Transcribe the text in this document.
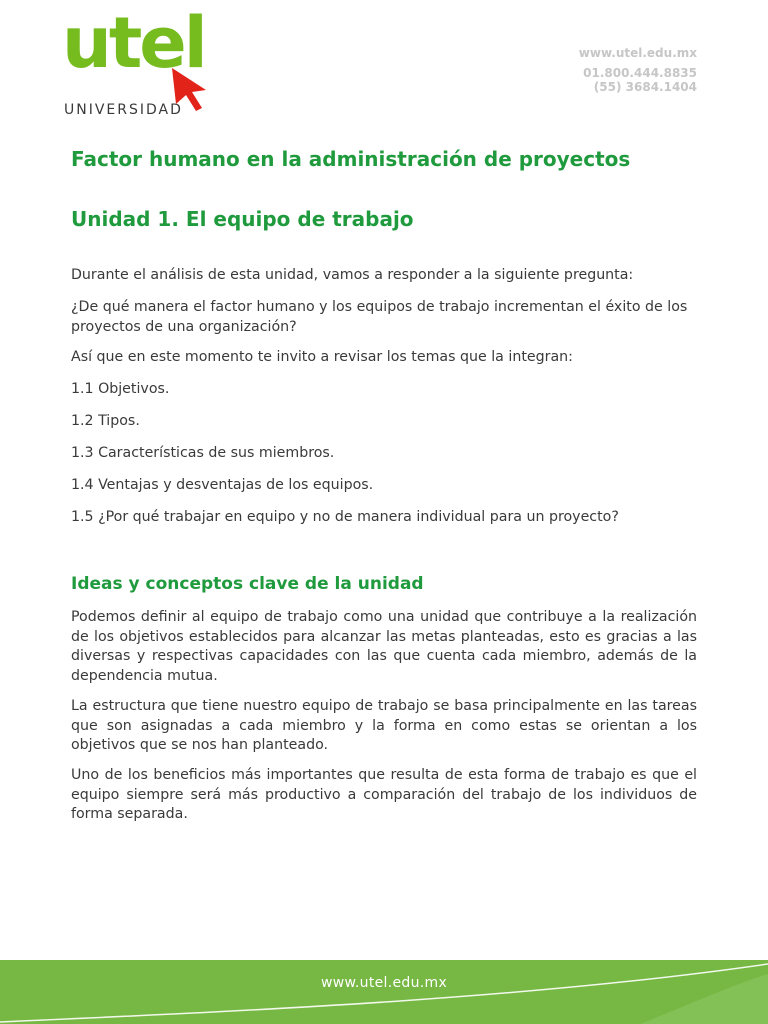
utel
UNIVERSIDAD
www.utel.edu.mx
01.800.444.8835
(55) 3684.1404
Factor humano en la administración de proyectos
Unidad 1. El equipo de trabajo
Durante el análisis de esta unidad, vamos a responder a la siguiente pregunta:
¿De qué manera el factor humano y los equipos de trabajo incrementan el éxito de los proyectos de una organización?
Así que en este momento te invito a revisar los temas que la integran:
1.1 Objetivos.
1.2 Tipos.
1.3 Características de sus miembros.
1.4 Ventajas y desventajas de los equipos.
1.5 ¿Por qué trabajar en equipo y no de manera individual para un proyecto?
Ideas y conceptos clave de la unidad
Podemos definir al equipo de trabajo como una unidad que contribuye a la realización de los objetivos establecidos para alcanzar las metas planteadas, esto es gracias a las diversas y respectivas capacidades con las que cuenta cada miembro, además de la dependencia mutua.
La estructura que tiene nuestro equipo de trabajo se basa principalmente en las tareas que son asignadas a cada miembro y la forma en como estas se orientan a los objetivos que se nos han planteado.
Uno de los beneficios más importantes que resulta de esta forma de trabajo es que el equipo siempre será más productivo a comparación del trabajo de los individuos de forma separada.
www.utel.edu.mx
